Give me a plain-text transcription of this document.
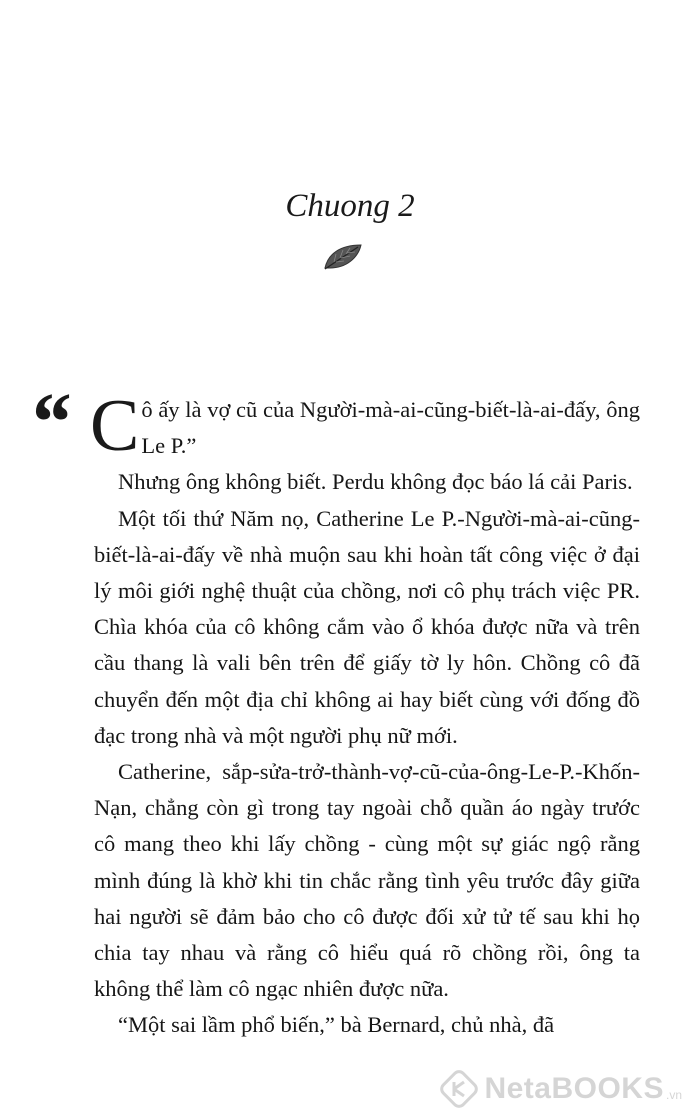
Chuong 2

“ C ô ấy là vợ cũ của Người-mà-ai-cũng-biết-là-ai-đấy, ông Le P.”

Nhưng ông không biết. Perdu không đọc báo lá cải Paris.

Một tối thứ Năm nọ, Catherine Le P.-Người-mà-ai-cũng-biết-là-ai-đấy về nhà muộn sau khi hoàn tất công việc ở đại lý môi giới nghệ thuật của chồng, nơi cô phụ trách việc PR. Chìa khóa của cô không cắm vào ổ khóa được nữa và trên cầu thang là vali bên trên để giấy tờ ly hôn. Chồng cô đã chuyển đến một địa chỉ không ai hay biết cùng với đống đồ đạc trong nhà và một người phụ nữ mới.

Catherine, sắp-sửa-trở-thành-vợ-cũ-của-ông-Le-P.-Khốn-Nạn, chẳng còn gì trong tay ngoài chỗ quần áo ngày trước cô mang theo khi lấy chồng - cùng một sự giác ngộ rằng mình đúng là khờ khi tin chắc rằng tình yêu trước đây giữa hai người sẽ đảm bảo cho cô được đối xử tử tế sau khi họ chia tay nhau và rằng cô hiểu quá rõ chồng rồi, ông ta không thể làm cô ngạc nhiên được nữa.

“Một sai lầm phổ biến,” bà Bernard, chủ nhà, đã

NetaBOOKS .vn
